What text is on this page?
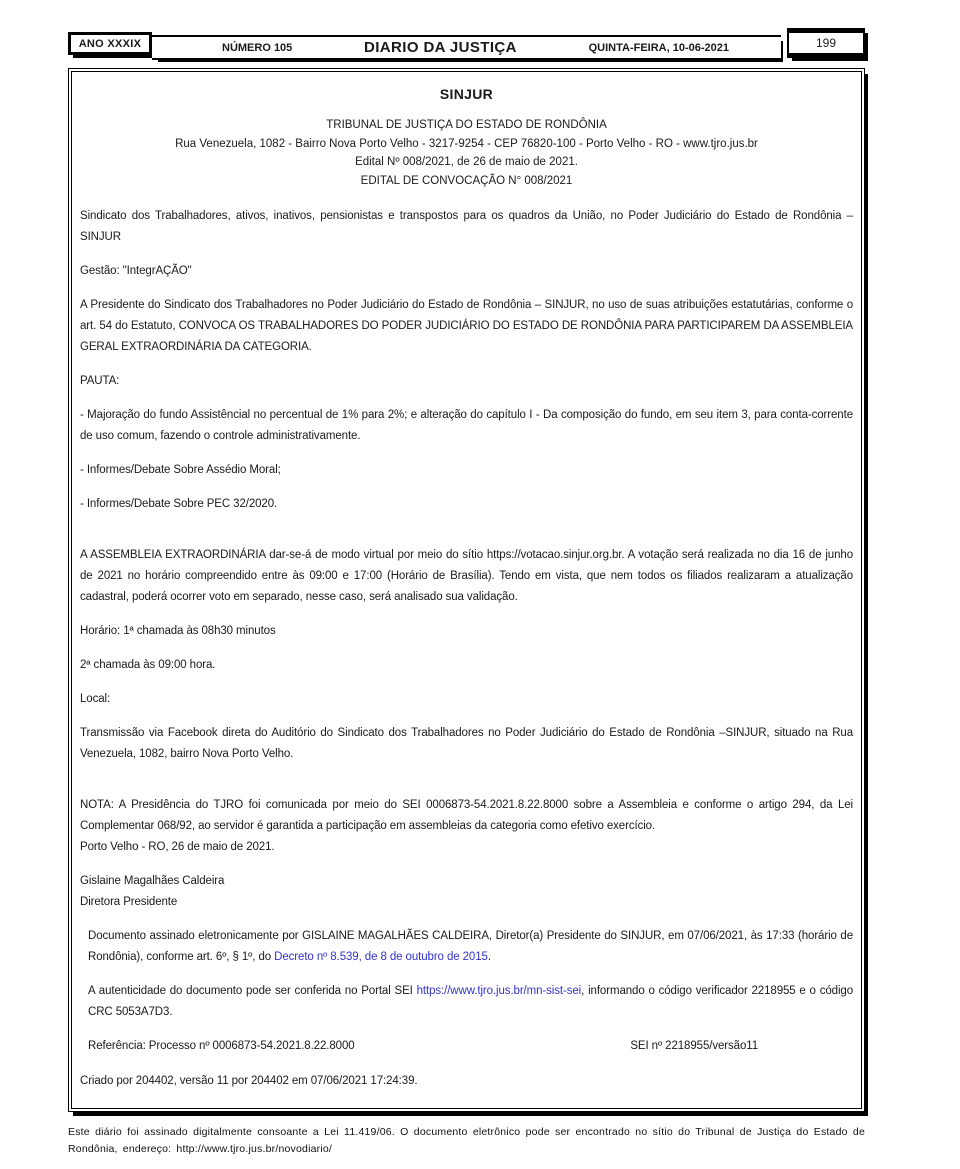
ANO XXXIX	NÚMERO 105	DIARIO DA JUSTIÇA	QUINTA-FEIRA, 10-06-2021	199
SINJUR
TRIBUNAL DE JUSTIÇA DO ESTADO DE RONDÔNIA
Rua Venezuela, 1082 - Bairro Nova Porto Velho - 3217-9254 - CEP 76820-100 - Porto Velho - RO - www.tjro.jus.br
Edital Nº 008/2021, de 26 de maio de 2021.
EDITAL DE CONVOCAÇÃO N° 008/2021

Sindicato dos Trabalhadores, ativos, inativos, pensionistas e transpostos para os quadros da União, no Poder Judiciário do Estado de Rondônia – SINJUR

Gestão: "IntegrAÇÃO"

A Presidente do Sindicato dos Trabalhadores no Poder Judiciário do Estado de Rondônia – SINJUR, no uso de suas atribuições estatutárias, conforme o art. 54 do Estatuto, CONVOCA OS TRABALHADORES DO PODER JUDICIÁRIO DO ESTADO DE RONDÔNIA PARA PARTICIPAREM DA ASSEMBLEIA GERAL EXTRAORDINÁRIA DA CATEGORIA.

PAUTA:

- Majoração do fundo Assistêncial no percentual de 1% para 2%; e alteração do capítulo I - Da composição do fundo, em seu item 3, para conta-corrente de uso comum, fazendo o controle administrativamente.

- Informes/Debate Sobre Assédio Moral;

- Informes/Debate Sobre PEC 32/2020.

A ASSEMBLEIA EXTRAORDINÁRIA dar-se-á de modo virtual por meio do sítio https://votacao.sinjur.org.br. A votação será realizada no dia 16 de junho de 2021 no horário compreendido entre às 09:00 e 17:00 (Horário de Brasília). Tendo em vista, que nem todos os filiados realizaram a atualização cadastral, poderá ocorrer voto em separado, nesse caso, será analisado sua validação.

Horário: 1ª chamada às 08h30 minutos

2ª chamada às 09:00 hora.

Local:

Transmissão via Facebook direta do Auditório do Sindicato dos Trabalhadores no Poder Judiciário do Estado de Rondônia –SINJUR, situado na Rua Venezuela, 1082, bairro Nova Porto Velho.

NOTA: A Presidência do TJRO foi comunicada por meio do SEI 0006873-54.2021.8.22.8000 sobre a Assembleia e conforme o artigo 294, da Lei Complementar 068/92, ao servidor é garantida a participação em assembleias da categoria como efetivo exercício.
Porto Velho - RO, 26 de maio de 2021.

Gislaine Magalhães Caldeira
Diretora Presidente

Documento assinado eletronicamente por GISLAINE MAGALHÃES CALDEIRA, Diretor(a) Presidente do SINJUR, em 07/06/2021, às 17:33 (horário de Rondônia), conforme art. 6º, § 1º, do Decreto nº 8.539, de 8 de outubro de 2015.

A autenticidade do documento pode ser conferida no Portal SEI https://www.tjro.jus.br/mn-sist-sei, informando o código verificador 2218955 e o código CRC 5053A7D3.

Referência: Processo nº 0006873-54.2021.8.22.8000	SEI nº 2218955/versão11
Criado por 204402, versão 11 por 204402 em 07/06/2021 17:24:39.
Este diário foi assinado digitalmente consoante a Lei 11.419/06. O documento eletrônico pode ser encontrado no sítio do Tribunal de Justiça do Estado de Rondônia, endereço: http://www.tjro.jus.br/novodiario/
